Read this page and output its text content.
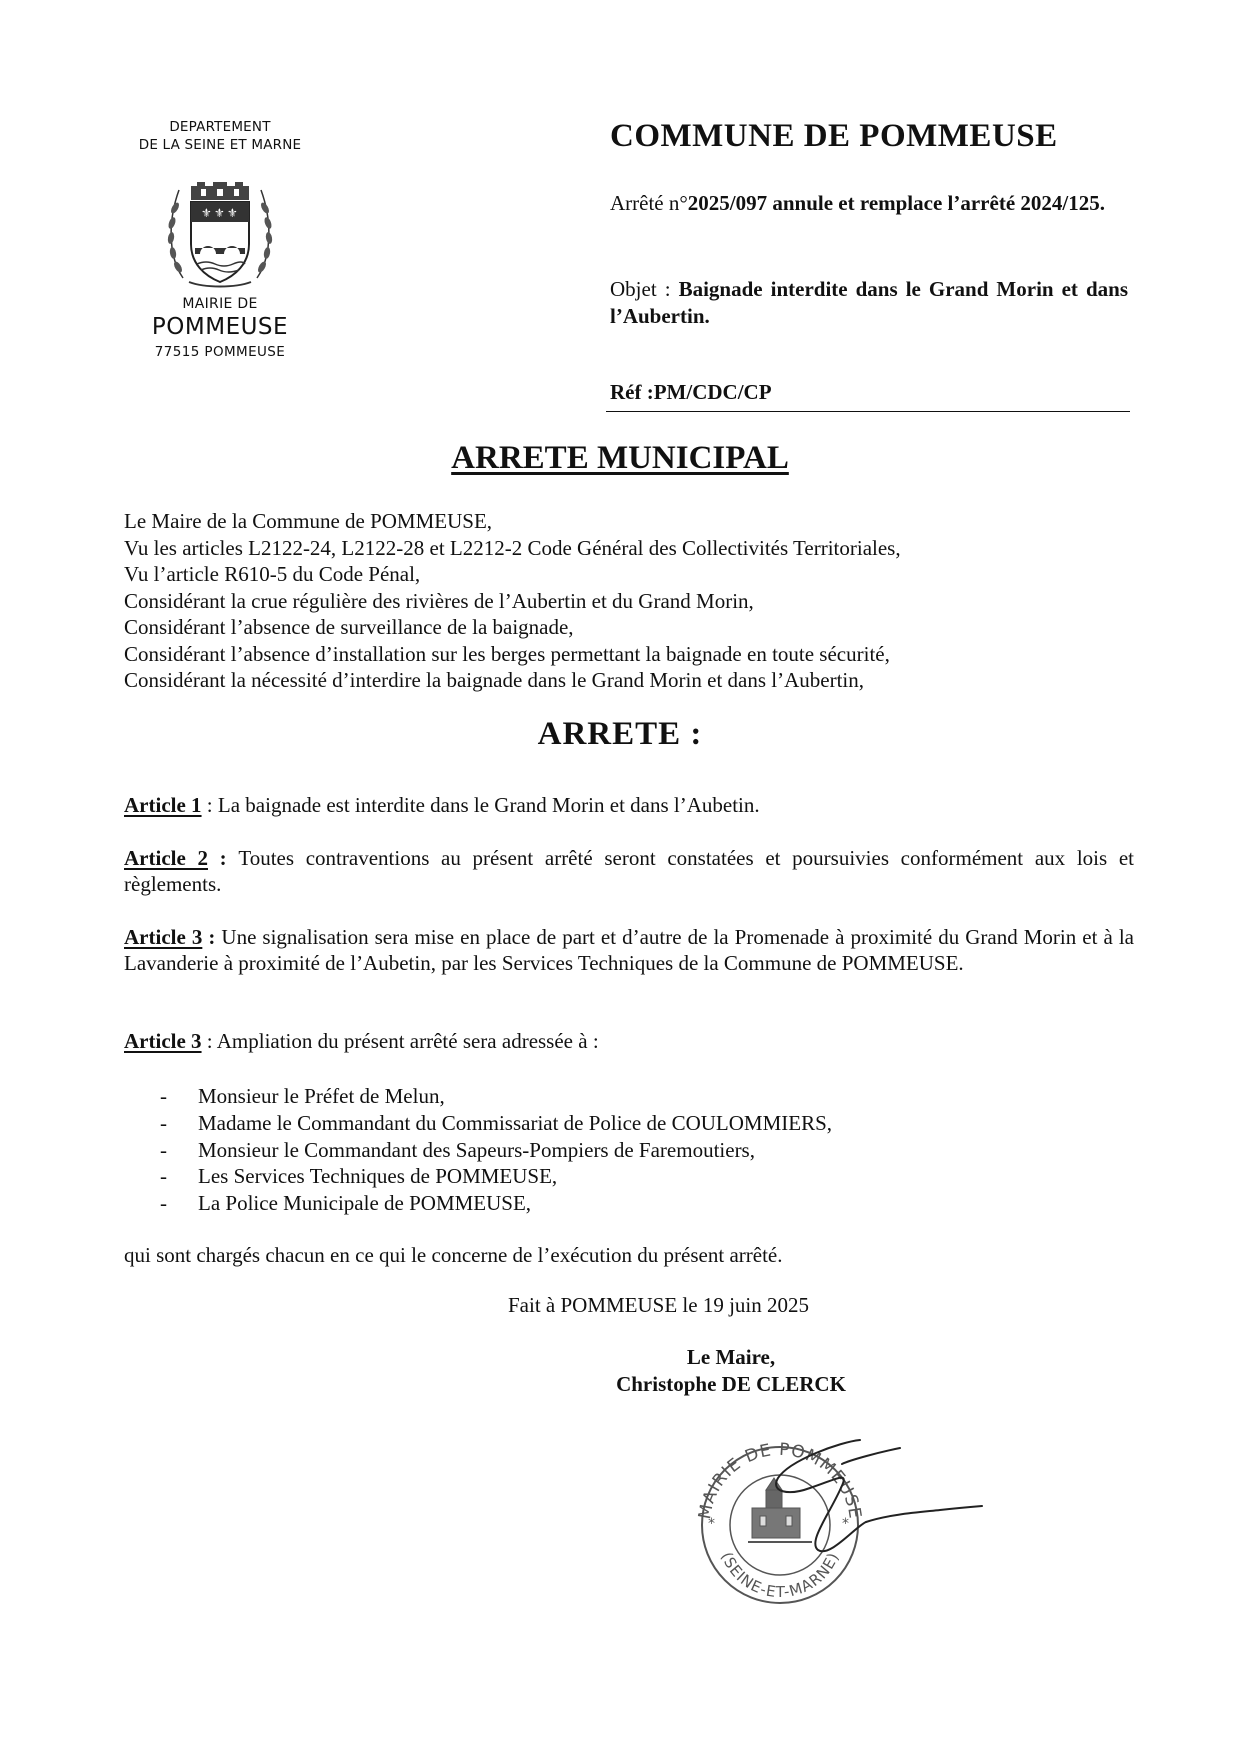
DEPARTEMENT
DE LA SEINE ET MARNE
⚜ ⚜ ⚜
MAIRIE DE
POMMEUSE
77515 POMMEUSE
COMMUNE DE POMMEUSE
Arrêté n°2025/097 annule et remplace l’arrêté 2024/125.
Objet : Baignade interdite dans le Grand Morin et dans l’Aubertin.
Réf :PM/CDC/CP
ARRETE MUNICIPAL
Le Maire de la Commune de POMMEUSE,
Vu les articles L2122-24, L2122-28 et L2212-2 Code Général des Collectivités Territoriales,
Vu l’article R610-5 du Code Pénal,
Considérant la crue régulière des rivières de l’Aubertin et du Grand Morin,
Considérant l’absence de surveillance de la baignade,
Considérant l’absence d’installation sur les berges permettant la baignade en toute sécurité,
Considérant la nécessité d’interdire la baignade dans le Grand Morin et dans l’Aubertin,
ARRETE :
Article 1 : La baignade est interdite dans le Grand Morin et dans l’Aubetin.
Article 2 : Toutes contraventions au présent arrêté seront constatées et poursuivies conformément aux lois et règlements.
Article 3 : Une signalisation sera mise en place de part et d’autre de la Promenade à proximité du Grand Morin et à la Lavanderie à proximité de l’Aubetin, par les Services Techniques de la Commune de POMMEUSE.
Article 3 : Ampliation du présent arrêté sera adressée à :
- Monsieur le Préfet de Melun,
- Madame le Commandant du Commissariat de Police de COULOMMIERS,
- Monsieur le Commandant des Sapeurs-Pompiers de Faremoutiers,
- Les Services Techniques de POMMEUSE,
- La Police Municipale de POMMEUSE,
qui sont chargés chacun en ce qui le concerne de l’exécution du présent arrêté.
Fait à POMMEUSE le 19 juin 2025
Le Maire,
Christophe DE CLERCK
MAIRIE DE POMMEUSE
(SEINE-ET-MARNE)
*	*
